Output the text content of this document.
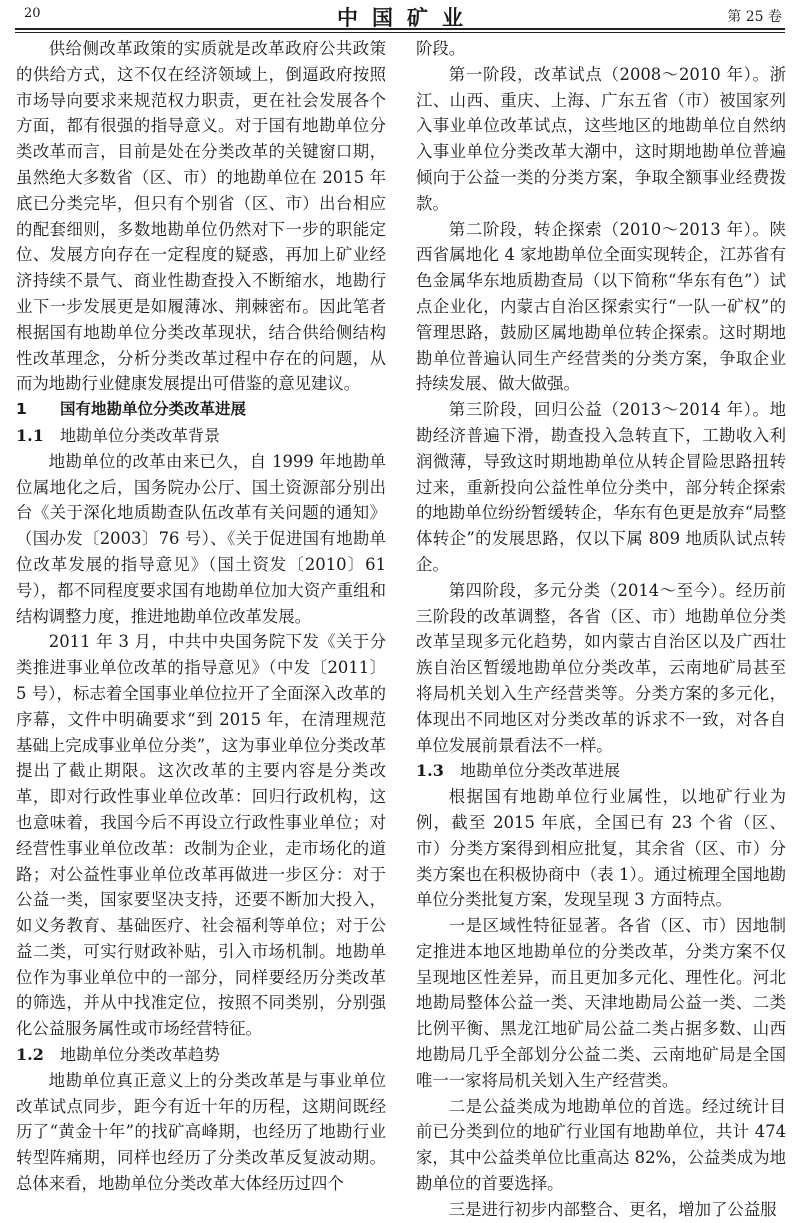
20	中国矿业	第 25 卷

供给侧改革政策的实质就是改革政府公共政策的供给方式，这不仅在经济领域上，倒逼政府按照市场导向要求来规范权力职责，更在社会发展各个方面，都有很强的指导意义。对于国有地勘单位分类改革而言，目前是处在分类改革的关键窗口期，虽然绝大多数省（区、市）的地勘单位在 2015 年底已分类完毕，但只有个别省（区、市）出台相应的配套细则，多数地勘单位仍然对下一步的职能定位、发展方向存在一定程度的疑惑，再加上矿业经济持续不景气、商业性勘查投入不断缩水，地勘行业下一步发展更是如履薄冰、荆棘密布。因此笔者根据国有地勘单位分类改革现状，结合供给侧结构性改革理念，分析分类改革过程中存在的问题，从而为地勘行业健康发展提出可借鉴的意见建议。

1 国有地勘单位分类改革进展
1.1 地勘单位分类改革背景

地勘单位的改革由来已久，自 1999 年地勘单位属地化之后，国务院办公厅、国土资源部分别出台《关于深化地质勘查队伍改革有关问题的通知》（国办发〔2003〕76 号）、《关于促进国有地勘单位改革发展的指导意见》（国土资发〔2010〕61 号），都不同程度要求国有地勘单位加大资产重组和结构调整力度，推进地勘单位改革发展。

2011 年 3 月，中共中央国务院下发《关于分类推进事业单位改革的指导意见》（中发〔2011〕5 号），标志着全国事业单位拉开了全面深入改革的序幕，文件中明确要求“到 2015 年，在清理规范基础上完成事业单位分类”，这为事业单位分类改革提出了截止期限。这次改革的主要内容是分类改革，即对行政性事业单位改革：回归行政机构，这也意味着，我国今后不再设立行政性事业单位；对经营性事业单位改革：改制为企业，走市场化的道路；对公益性事业单位改革再做进一步区分：对于公益一类，国家要坚决支持，还要不断加大投入，如义务教育、基础医疗、社会福利等单位；对于公益二类，可实行财政补贴，引入市场机制。地勘单位作为事业单位中的一部分，同样要经历分类改革的筛选，并从中找准定位，按照不同类别，分别强化公益服务属性或市场经营特征。

1.2 地勘单位分类改革趋势

地勘单位真正意义上的分类改革是与事业单位改革试点同步，距今有近十年的历程，这期间既经历了“黄金十年”的找矿高峰期，也经历了地勘行业转型阵痛期，同样也经历了分类改革反复波动期。总体来看，地勘单位分类改革大体经历过四个

阶段。

第一阶段，改革试点（2008～2010 年）。浙江、山西、重庆、上海、广东五省（市）被国家列入事业单位改革试点，这些地区的地勘单位自然纳入事业单位分类改革大潮中，这时期地勘单位普遍倾向于公益一类的分类方案，争取全额事业经费拨款。

第二阶段，转企探索（2010～2013 年）。陕西省属地化 4 家地勘单位全面实现转企，江苏省有色金属华东地质勘查局（以下简称“华东有色”）试点企业化，内蒙古自治区探索实行“一队一矿权”的管理思路，鼓励区属地勘单位转企探索。这时期地勘单位普遍认同生产经营类的分类方案，争取企业持续发展、做大做强。

第三阶段，回归公益（2013～2014 年）。地勘经济普遍下滑，勘查投入急转直下，工勘收入利润微薄，导致这时期地勘单位从转企冒险思路扭转过来，重新投向公益性单位分类中，部分转企探索的地勘单位纷纷暂缓转企，华东有色更是放弃“局整体转企”的发展思路，仅以下属 809 地质队试点转企。

第四阶段，多元分类（2014～至今）。经历前三阶段的改革调整，各省（区、市）地勘单位分类改革呈现多元化趋势，如内蒙古自治区以及广西壮族自治区暂缓地勘单位分类改革，云南地矿局甚至将局机关划入生产经营类等。分类方案的多元化，体现出不同地区对分类改革的诉求不一致，对各自单位发展前景看法不一样。

1.3 地勘单位分类改革进展

根据国有地勘单位行业属性，以地矿行业为例，截至 2015 年底，全国已有 23 个省（区、市）分类方案得到相应批复，其余省（区、市）分类方案也在积极协商中（表 1）。通过梳理全国地勘单位分类批复方案，发现呈现 3 方面特点。

一是区域性特征显著。各省（区、市）因地制定推进本地区地勘单位的分类改革，分类方案不仅呈现地区性差异，而且更加多元化、理性化。河北地勘局整体公益一类、天津地勘局公益一类、二类比例平衡、黑龙江地矿局公益二类占据多数、山西地勘局几乎全部划分公益二类、云南地矿局是全国唯一一家将局机关划入生产经营类。

二是公益类成为地勘单位的首选。经过统计目前已分类到位的地矿行业国有地勘单位，共计 474 家，其中公益类单位比重高达 82%，公益类成为地勘单位的首要选择。

三是进行初步内部整合、更名，增加了公益服
